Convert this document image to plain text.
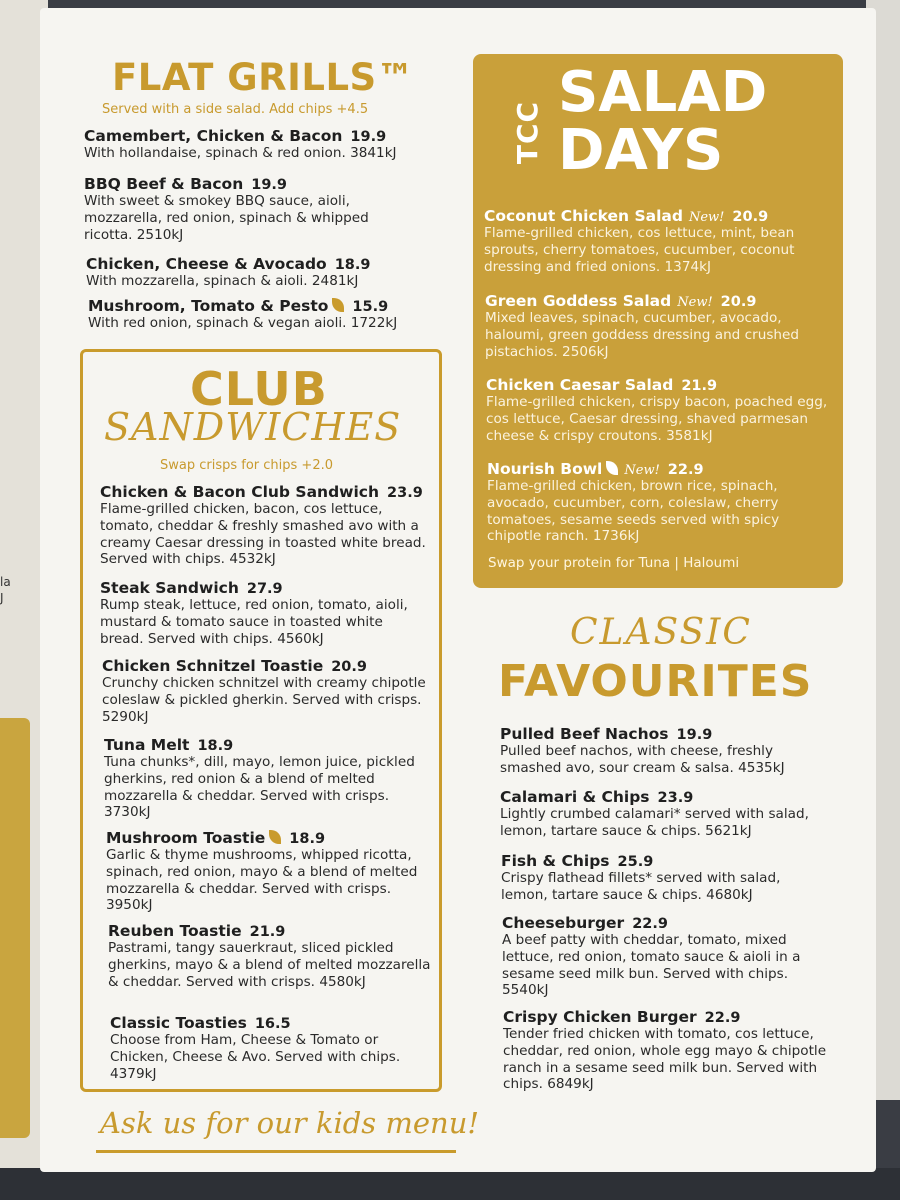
la
J
FLAT GRILLS™
Served with a side salad. Add chips +4.5
Camembert, Chicken & Bacon 19.9
With hollandaise, spinach & red onion. 3841kJ
BBQ Beef & Bacon 19.9
With sweet & smokey BBQ sauce, aioli, mozzarella, red onion, spinach & whipped ricotta. 2510kJ
Chicken, Cheese & Avocado 18.9
With mozzarella, spinach & aioli. 2481kJ
Mushroom, Tomato & Pesto 15.9
With red onion, spinach & vegan aioli. 1722kJ
CLUB
SANDWICHES
Swap crisps for chips +2.0
Chicken & Bacon Club Sandwich 23.9
Flame-grilled chicken, bacon, cos lettuce, tomato, cheddar & freshly smashed avo with a creamy Caesar dressing in toasted white bread. Served with chips. 4532kJ
Steak Sandwich 27.9
Rump steak, lettuce, red onion, tomato, aioli, mustard & tomato sauce in toasted white bread. Served with chips. 4560kJ
Chicken Schnitzel Toastie 20.9
Crunchy chicken schnitzel with creamy chipotle coleslaw & pickled gherkin. Served with crisps. 5290kJ
Tuna Melt 18.9
Tuna chunks*, dill, mayo, lemon juice, pickled gherkins, red onion & a blend of melted mozzarella & cheddar. Served with crisps. 3730kJ
Mushroom Toastie 18.9
Garlic & thyme mushrooms, whipped ricotta, spinach, red onion, mayo & a blend of melted mozzarella & cheddar. Served with crisps. 3950kJ
Reuben Toastie 21.9
Pastrami, tangy sauerkraut, sliced pickled gherkins, mayo & a blend of melted mozzarella & cheddar. Served with crisps. 4580kJ
Classic Toasties 16.5
Choose from Ham, Cheese & Tomato or Chicken, Cheese & Avo. Served with chips. 4379kJ
Ask us for our kids menu!
TCC
SALAD
DAYS
Coconut Chicken Salad New! 20.9
Flame-grilled chicken, cos lettuce, mint, bean sprouts, cherry tomatoes, cucumber, coconut dressing and fried onions. 1374kJ
Green Goddess Salad New! 20.9
Mixed leaves, spinach, cucumber, avocado, haloumi, green goddess dressing and crushed pistachios. 2506kJ
Chicken Caesar Salad 21.9
Flame-grilled chicken, crispy bacon, poached egg, cos lettuce, Caesar dressing, shaved parmesan cheese & crispy croutons. 3581kJ
Nourish Bowl New! 22.9
Flame-grilled chicken, brown rice, spinach, avocado, cucumber, corn, coleslaw, cherry tomatoes, sesame seeds served with spicy chipotle ranch. 1736kJ
Swap your protein for Tuna | Haloumi
CLASSIC
FAVOURITES
Pulled Beef Nachos 19.9
Pulled beef nachos, with cheese, freshly smashed avo, sour cream & salsa. 4535kJ
Calamari & Chips 23.9
Lightly crumbed calamari* served with salad, lemon, tartare sauce & chips. 5621kJ
Fish & Chips 25.9
Crispy flathead fillets* served with salad, lemon, tartare sauce & chips. 4680kJ
Cheeseburger 22.9
A beef patty with cheddar, tomato, mixed lettuce, red onion, tomato sauce & aioli in a sesame seed milk bun. Served with chips. 5540kJ
Crispy Chicken Burger 22.9
Tender fried chicken with tomato, cos lettuce, cheddar, red onion, whole egg mayo & chipotle ranch in a sesame seed milk bun. Served with chips. 6849kJ
